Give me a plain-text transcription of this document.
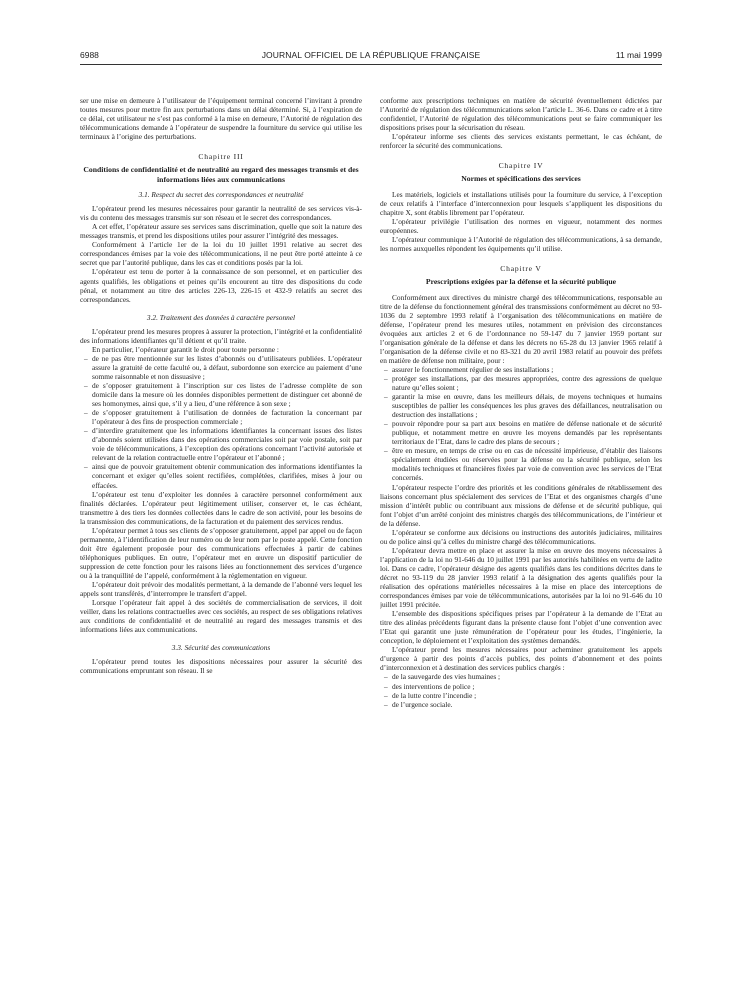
6988	JOURNAL OFFICIEL DE LA RÉPUBLIQUE FRANÇAISE	11 mai 1999

ser une mise en demeure à l’utilisateur de l’équipement terminal concerné l’invitant à prendre toutes mesures pour mettre fin aux perturbations dans un délai déterminé. Si, à l’expiration de ce délai, cet utilisateur ne s’est pas conformé à la mise en demeure, l’Autorité de régulation des télécommunications demande à l’opérateur de suspendre la fourniture du service qui utilise les terminaux à l’origine des perturbations.

Chapitre III
Conditions de confidentialité et de neutralité au regard des messages transmis et des informations liées aux communications
3.1. Respect du secret des correspondances et neutralité

L’opérateur prend les mesures nécessaires pour garantir la neutralité de ses services vis-à-vis du contenu des messages transmis sur son réseau et le secret des correspondances.

A cet effet, l’opérateur assure ses services sans discrimination, quelle que soit la nature des messages transmis, et prend les dispositions utiles pour assurer l’intégrité des messages.

Conformément à l’article 1er de la loi du 10 juillet 1991 relative au secret des correspondances émises par la voie des télécommunications, il ne peut être porté atteinte à ce secret que par l’autorité publique, dans les cas et conditions posés par la loi.

L’opérateur est tenu de porter à la connaissance de son personnel, et en particulier des agents qualifiés, les obligations et peines qu’ils encourent au titre des dispositions du code pénal, et notamment au titre des articles 226-13, 226-15 et 432-9 relatifs au secret des correspondances.

3.2. Traitement des données à caractère personnel

L’opérateur prend les mesures propres à assurer la protection, l’intégrité et la confidentialité des informations identifiantes qu’il détient et qu’il traite.

En particulier, l’opérateur garantit le droit pour toute personne :

– de ne pas être mentionnée sur les listes d’abonnés ou d’utilisateurs publiées. L’opérateur assure la gratuité de cette faculté ou, à défaut, subordonne son exercice au paiement d’une somme raisonnable et non dissuasive ;
– de s’opposer gratuitement à l’inscription sur ces listes de l’adresse complète de son domicile dans la mesure où les données disponibles permettent de distinguer cet abonné de ses homonymes, ainsi que, s’il y a lieu, d’une référence à son sexe ;
– de s’opposer gratuitement à l’utilisation de données de facturation la concernant par l’opérateur à des fins de prospection commerciale ;
– d’interdire gratuitement que les informations identifiantes la concernant issues des listes d’abonnés soient utilisées dans des opérations commerciales soit par voie postale, soit par voie de télécommunications, à l’exception des opérations concernant l’activité autorisée et relevant de la relation contractuelle entre l’opérateur et l’abonné ;
– ainsi que de pouvoir gratuitement obtenir communication des informations identifiantes la concernant et exiger qu’elles soient rectifiées, complétées, clarifiées, mises à jour ou effacées.

L’opérateur est tenu d’exploiter les données à caractère personnel conformément aux finalités déclarées. L’opérateur peut légitimement utiliser, conserver et, le cas échéant, transmettre à des tiers les données collectées dans le cadre de son activité, pour les besoins de la transmission des communications, de la facturation et du paiement des services rendus.

L’opérateur permet à tous ses clients de s’opposer gratuitement, appel par appel ou de façon permanente, à l’identification de leur numéro ou de leur nom par le poste appelé. Cette fonction doit être également proposée pour des communications effectuées à partir de cabines téléphoniques publiques. En outre, l’opérateur met en œuvre un dispositif particulier de suppression de cette fonction pour les raisons liées au fonctionnement des services d’urgence ou à la tranquillité de l’appelé, conformément à la réglementation en vigueur.

L’opérateur doit prévoir des modalités permettant, à la demande de l’abonné vers lequel les appels sont transférés, d’interrompre le transfert d’appel.

Lorsque l’opérateur fait appel à des sociétés de commercialisation de services, il doit veiller, dans les relations contractuelles avec ces sociétés, au respect de ses obligations relatives aux conditions de confidentialité et de neutralité au regard des messages transmis et des informations liées aux communications.

3.3. Sécurité des communications

L’opérateur prend toutes les dispositions nécessaires pour assurer la sécurité des communications empruntant son réseau. Il se

conforme aux prescriptions techniques en matière de sécurité éventuellement édictées par l’Autorité de régulation des télécommunications selon l’article L. 36-6. Dans ce cadre et à titre confidentiel, l’Autorité de régulation des télécommunications peut se faire communiquer les dispositions prises pour la sécurisation du réseau.

L’opérateur informe ses clients des services existants permettant, le cas échéant, de renforcer la sécurité des communications.

Chapitre IV
Normes et spécifications des services

Les matériels, logiciels et installations utilisés pour la fourniture du service, à l’exception de ceux relatifs à l’interface d’interconnexion pour lesquels s’appliquent les dispositions du chapitre X, sont établis librement par l’opérateur.

L’opérateur privilégie l’utilisation des normes en vigueur, notamment des normes européennes.

L’opérateur communique à l’Autorité de régulation des télécommunications, à sa demande, les normes auxquelles répondent les équipements qu’il utilise.

Chapitre V
Prescriptions exigées par la défense et la sécurité publique

Conformément aux directives du ministre chargé des télécommunications, responsable au titre de la défense du fonctionnement général des transmissions conformément au décret no 93-1036 du 2 septembre 1993 relatif à l’organisation des télécommunications en matière de défense, l’opérateur prend les mesures utiles, notamment en prévision des circonstances évoquées aux articles 2 et 6 de l’ordonnance no 59-147 du 7 janvier 1959 portant sur l’organisation générale de la défense et dans les décrets no 65-28 du 13 janvier 1965 relatif à l’organisation de la défense civile et no 83-321 du 20 avril 1983 relatif au pouvoir des préfets en matière de défense non militaire, pour :

– assurer le fonctionnement régulier de ses installations ;
– protéger ses installations, par des mesures appropriées, contre des agressions de quelque nature qu’elles soient ;
– garantir la mise en œuvre, dans les meilleurs délais, de moyens techniques et humains susceptibles de pallier les conséquences les plus graves des défaillances, neutralisation ou destruction des installations ;
– pouvoir répondre pour sa part aux besoins en matière de défense nationale et de sécurité publique, et notamment mettre en œuvre les moyens demandés par les représentants territoriaux de l’Etat, dans le cadre des plans de secours ;
– être en mesure, en temps de crise ou en cas de nécessité impérieuse, d’établir des liaisons spécialement étudiées ou réservées pour la défense ou la sécurité publique, selon les modalités techniques et financières fixées par voie de convention avec les services de l’Etat concernés.

L’opérateur respecte l’ordre des priorités et les conditions générales de rétablissement des liaisons concernant plus spécialement des services de l’Etat et des organismes chargés d’une mission d’intérêt public ou contribuant aux missions de défense et de sécurité publique, qui font l’objet d’un arrêté conjoint des ministres chargés des télécommunications, de l’intérieur et de la défense.

L’opérateur se conforme aux décisions ou instructions des autorités judiciaires, militaires ou de police ainsi qu’à celles du ministre chargé des télécommunications.

L’opérateur devra mettre en place et assurer la mise en œuvre des moyens nécessaires à l’application de la loi no 91-646 du 10 juillet 1991 par les autorités habilitées en vertu de ladite loi. Dans ce cadre, l’opérateur désigne des agents qualifiés dans les conditions décrites dans le décret no 93-119 du 28 janvier 1993 relatif à la désignation des agents qualifiés pour la réalisation des opérations matérielles nécessaires à la mise en place des interceptions de correspondances émises par voie de télécommunications, autorisées par la loi no 91-646 du 10 juillet 1991 précitée.

L’ensemble des dispositions spécifiques prises par l’opérateur à la demande de l’Etat au titre des alinéas précédents figurant dans la présente clause font l’objet d’une convention avec l’Etat qui garantit une juste rémunération de l’opérateur pour les études, l’ingénierie, la conception, le déploiement et l’exploitation des systèmes demandés.

L’opérateur prend les mesures nécessaires pour acheminer gratuitement les appels d’urgence à partir des points d’accès publics, des points d’abonnement et des points d’interconnexion et à destination des services publics chargés :

– de la sauvegarde des vies humaines ;
– des interventions de police ;
– de la lutte contre l’incendie ;
– de l’urgence sociale.
